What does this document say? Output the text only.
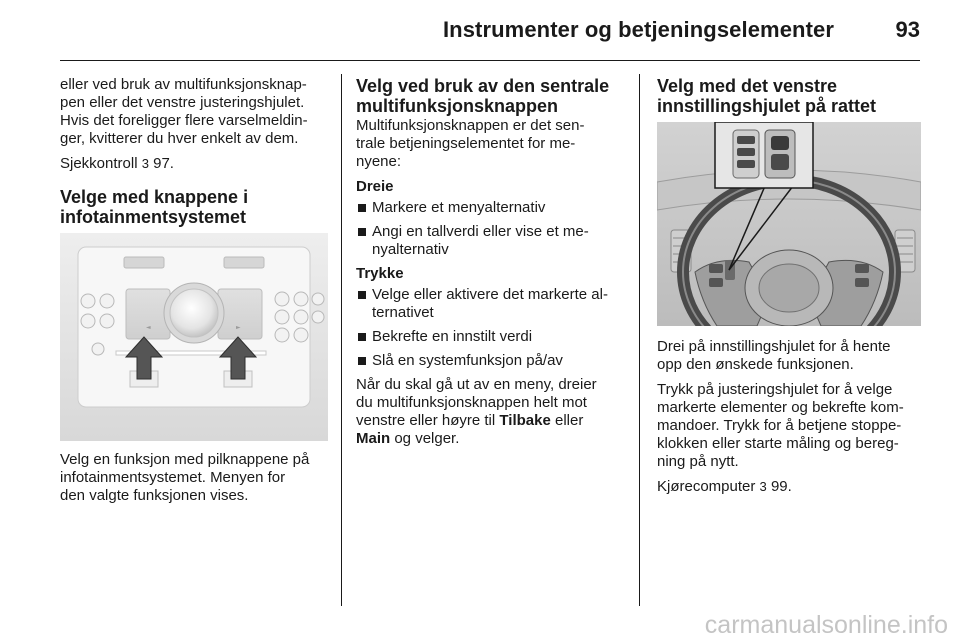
Instrumenter og betjeningselementer	93

eller ved bruk av multifunksjonsknap-
pen eller det venstre justeringshjulet.
Hvis det foreligger flere varselmeldin-
ger, kvitterer du hver enkelt av dem.

Sjekkontroll 3 97.

Velge med knappene i
infotainmentsystemet
◄	►

Velg en funksjon med pilknappene på
infotainmentsystemet. Menyen for
den valgte funksjonen vises.

Velg ved bruk av den sentrale
multifunksjonsknappen

Multifunksjonsknappen er det sen-
trale betjeningselementet for me-
nyene:

Dreie
Markere et menyalternativ
Angi en tallverdi eller vise et me-
nyalternativ
Trykke
Velge eller aktivere det markerte al-
ternativet
Bekrefte en innstilt verdi
Slå en systemfunksjon på/av

Når du skal gå ut av en meny, dreier
du multifunksjonsknappen helt mot
venstre eller høyre til Tilbake eller
Main og velger.

Velg med det venstre
innstillingshjulet på rattet

Drei på innstillingshjulet for å hente
opp den ønskede funksjonen.

Trykk på justeringshjulet for å velge
markerte elementer og bekrefte kom-
mandoer. Trykk for å betjene stoppe-
klokken eller starte måling og bereg-
ning på nytt.

Kjørecomputer 3 99.

carmanualsonline.info
